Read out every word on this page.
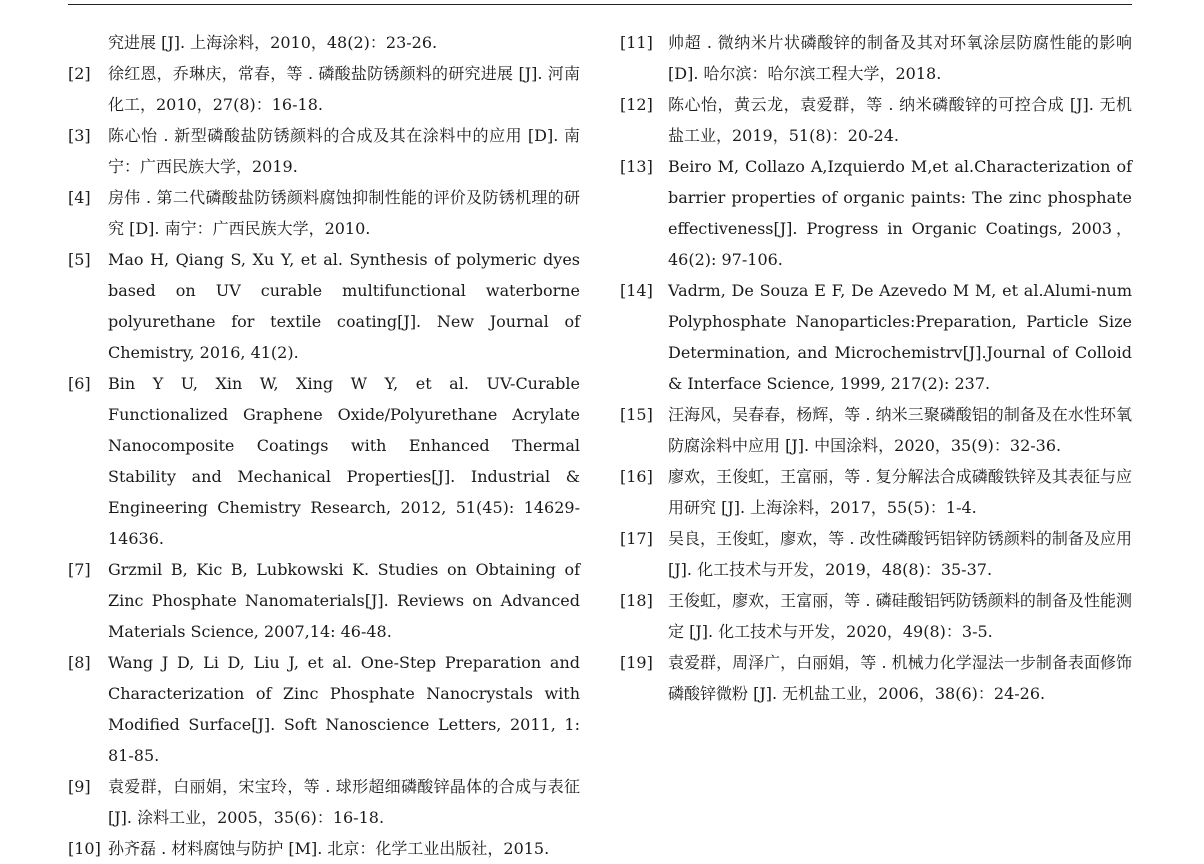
究进展 [J]. 上海涂料，2010，48(2)：23-26.
[2]	徐红恩，乔琳庆，常春，等 . 磷酸盐防锈颜料的研究进展 [J]. 河南化工，2010，27(8)：16-18.
[3]	陈心怡 . 新型磷酸盐防锈颜料的合成及其在涂料中的应用 [D]. 南宁：广西民族大学，2019.
[4]	房伟 . 第二代磷酸盐防锈颜料腐蚀抑制性能的评价及防锈机理的研究 [D]. 南宁：广西民族大学，2010.
[5]	Mao H, Qiang S, Xu Y, et al. Synthesis of polymeric dyes based on UV curable multifunctional waterborne polyurethane for textile coating[J]. New Journal of Chemistry, 2016, 41(2).
[6]	Bin Y U, Xin W, Xing W Y, et al. UV-Curable Functionalized Graphene Oxide/Polyurethane Acrylate Nanocomposite Coatings with Enhanced Thermal Stability and Mechanical Properties[J]. Industrial & Engineering Chemistry Research, 2012, 51(45): 14629-14636.
[7]	Grzmil B, Kic B, Lubkowski K. Studies on Obtaining of Zinc Phosphate Nanomaterials[J]. Reviews on Advanced Materials Science, 2007,14: 46-48.
[8]	Wang J D, Li D, Liu J, et al. One-Step Preparation and Characterization of Zinc Phosphate Nanocrystals with Modified Surface[J]. Soft Nanoscience Letters, 2011, 1: 81-85.
[9]	袁爱群，白丽娟，宋宝玲，等 . 球形超细磷酸锌晶体的合成与表征 [J]. 涂料工业，2005，35(6)：16-18.
[10] 孙齐磊 . 材料腐蚀与防护 [M]. 北京：化学工业出版社，2015.
[11] 帅超 . 微纳米片状磷酸锌的制备及其对环氧涂层防腐性能的影响 [D]. 哈尔滨：哈尔滨工程大学，2018.
[12] 陈心怡，黄云龙，袁爱群，等 . 纳米磷酸锌的可控合成 [J]. 无机盐工业，2019，51(8)：20-24.
[13] Beiro M, Collazo A,Izquierdo M,et al.Characterization of barrier properties of organic paints: The zinc phosphate effectiveness[J]. Progress in Organic Coatings, 2003，46(2): 97-106.
[14] Vadrm, De Souza E F, De Azevedo M M, et al.Alumi-num Polyphosphate Nanoparticles:Preparation, Particle Size Determination, and Microchemistrv[J].Journal of Colloid & Interface Science, 1999, 217(2): 237.
[15] 汪海风，吴春春，杨辉，等 . 纳米三聚磷酸铝的制备及在水性环氧防腐涂料中应用 [J]. 中国涂料，2020，35(9)：32-36.
[16] 廖欢，王俊虹，王富丽，等 . 复分解法合成磷酸铁锌及其表征与应用研究 [J]. 上海涂料，2017，55(5)：1-4.
[17] 吴良，王俊虹，廖欢，等 . 改性磷酸钙铝锌防锈颜料的制备及应用 [J]. 化工技术与开发，2019，48(8)：35-37.
[18] 王俊虹，廖欢，王富丽，等 . 磷硅酸铝钙防锈颜料的制备及性能测定 [J]. 化工技术与开发，2020，49(8)：3-5.
[19] 袁爱群，周泽广，白丽娟，等 . 机械力化学湿法一步制备表面修饰磷酸锌微粉 [J]. 无机盐工业，2006，38(6)：24-26.
